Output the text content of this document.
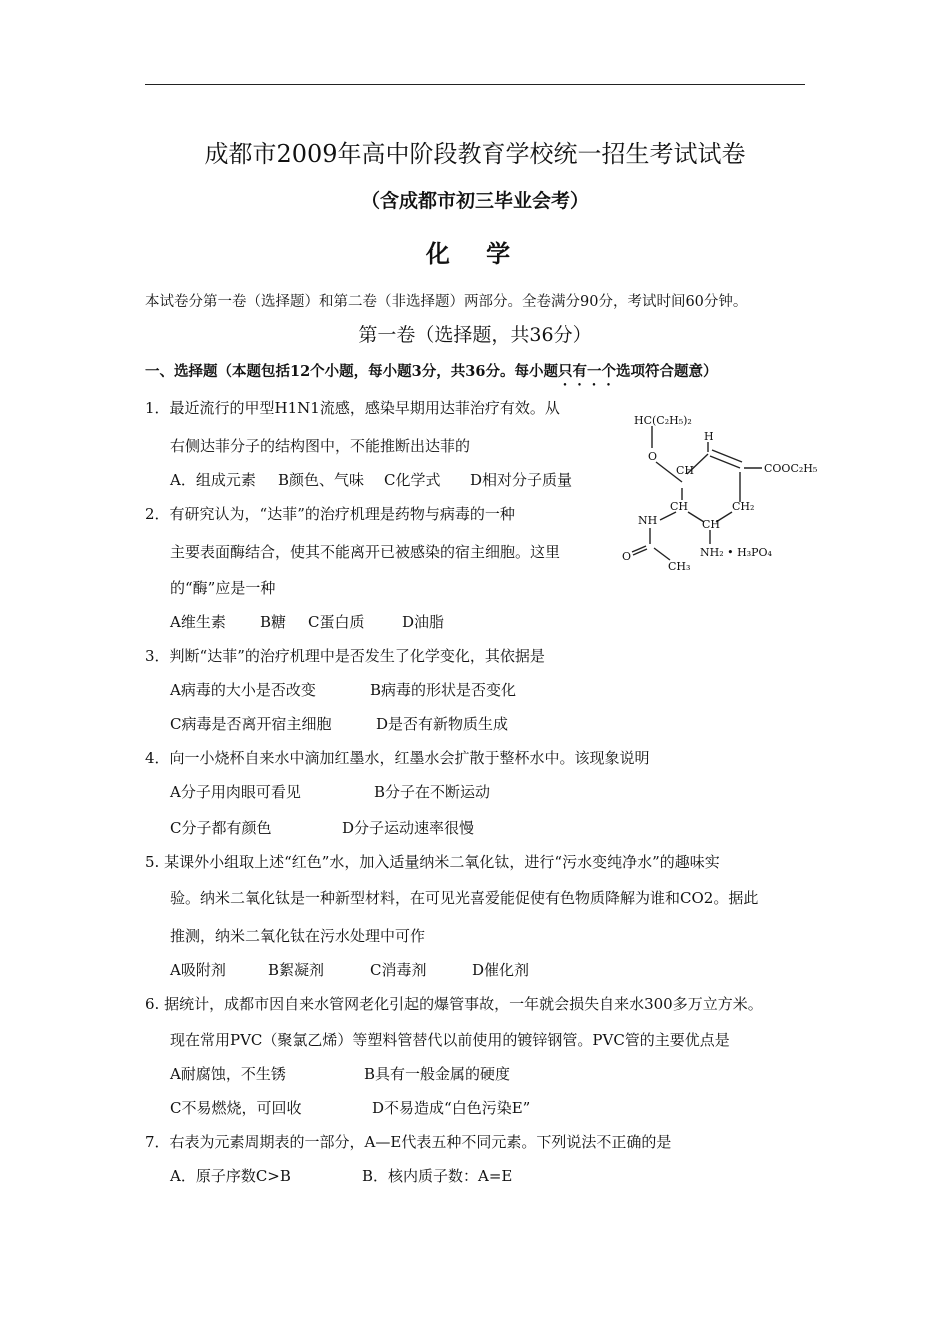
成都市2009年高中阶段教育学校统一招生考试试卷
（含成都市初三毕业会考）
化 学
本试卷分第一卷（选择题）和第二卷（非选择题）两部分。全卷满分90分，考试时间60分钟。
第一卷（选择题，共36分）
一、选择题（本题包括12个小题，每小题3分，共36分。每小题只有一个选项符合题意）
HC(C₂H₅)₂
H
O
CH	COOC₂H₅
CH	CH₂
NH	CH
O	NH₂ • H₃PO₄
CH₃
1．最近流行的甲型H1N1流感，感染早期用达菲治疗有效。从
右侧达菲分子的结构图中，不能推断出达菲的
A．组成元素 B颜色、气味 C化学式 D相对分子质量
2．有研究认为，“达菲”的治疗机理是药物与病毒的一种
主要表面酶结合，使其不能离开已被感染的宿主细胞。这里
的“酶”应是一种
A维生素 B糖 C蛋白质	D油脂
3．判断“达菲”的治疗机理中是否发生了化学变化，其依据是
A病毒的大小是否改变	B病毒的形状是否变化
C病毒是否离开宿主细胞	D是否有新物质生成
4．向一小烧杯自来水中滴加红墨水，红墨水会扩散于整杯水中。该现象说明
A分子用肉眼可看见	B分子在不断运动
C分子都有颜色	D分子运动速率很慢
5. 某课外小组取上述“红色”水，加入适量纳米二氧化钛，进行“污水变纯净水”的趣味实
验。纳米二氧化钛是一种新型材料，在可见光喜爱能促使有色物质降解为谁和CO2。据此
推测，纳米二氧化钛在污水处理中可作
A吸附剂	B絮凝剂	C消毒剂	D催化剂
6. 据统计，成都市因自来水管网老化引起的爆管事故，一年就会损失自来水300多万立方米。
现在常用PVC（聚氯乙烯）等塑料管替代以前使用的镀锌钢管。PVC管的主要优点是
A耐腐蚀，不生锈	B具有一般金属的硬度
C不易燃烧，可回收	D不易造成“白色污染E”
7．右表为元素周期表的一部分，A—E代表五种不同元素。下列说法不正确的是
A．原子序数C>B	B．核内质子数：A=E
